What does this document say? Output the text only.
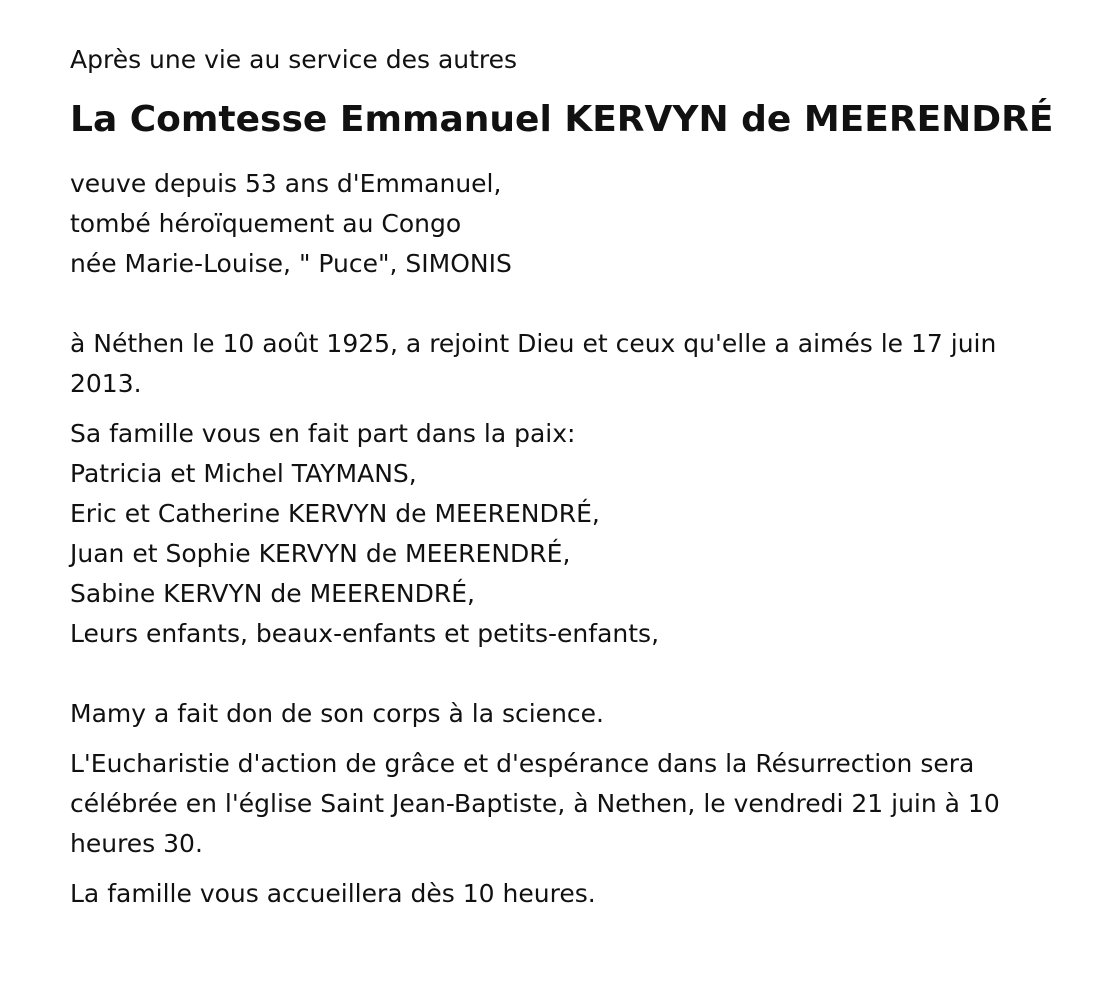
Après une vie au service des autres
La Comtesse Emmanuel KERVYN de MEERENDRÉ
veuve depuis 53 ans d'Emmanuel,
tombé héroïquement au Congo
née Marie-Louise, " Puce", SIMONIS
à Néthen le 10 août 1925, a rejoint Dieu et ceux qu'elle a aimés le 17 juin 2013.
Sa famille vous en fait part dans la paix:
Patricia et Michel TAYMANS,
Eric et Catherine KERVYN de MEERENDRÉ,
Juan et Sophie KERVYN de MEERENDRÉ,
Sabine KERVYN de MEERENDRÉ,
Leurs enfants, beaux-enfants et petits-enfants,
Mamy a fait don de son corps à la science.
L'Eucharistie d'action de grâce et d'espérance dans la Résurrection sera célébrée en l'église Saint Jean-Baptiste, à Nethen, le vendredi 21 juin à 10 heures 30.
La famille vous accueillera dès 10 heures.
